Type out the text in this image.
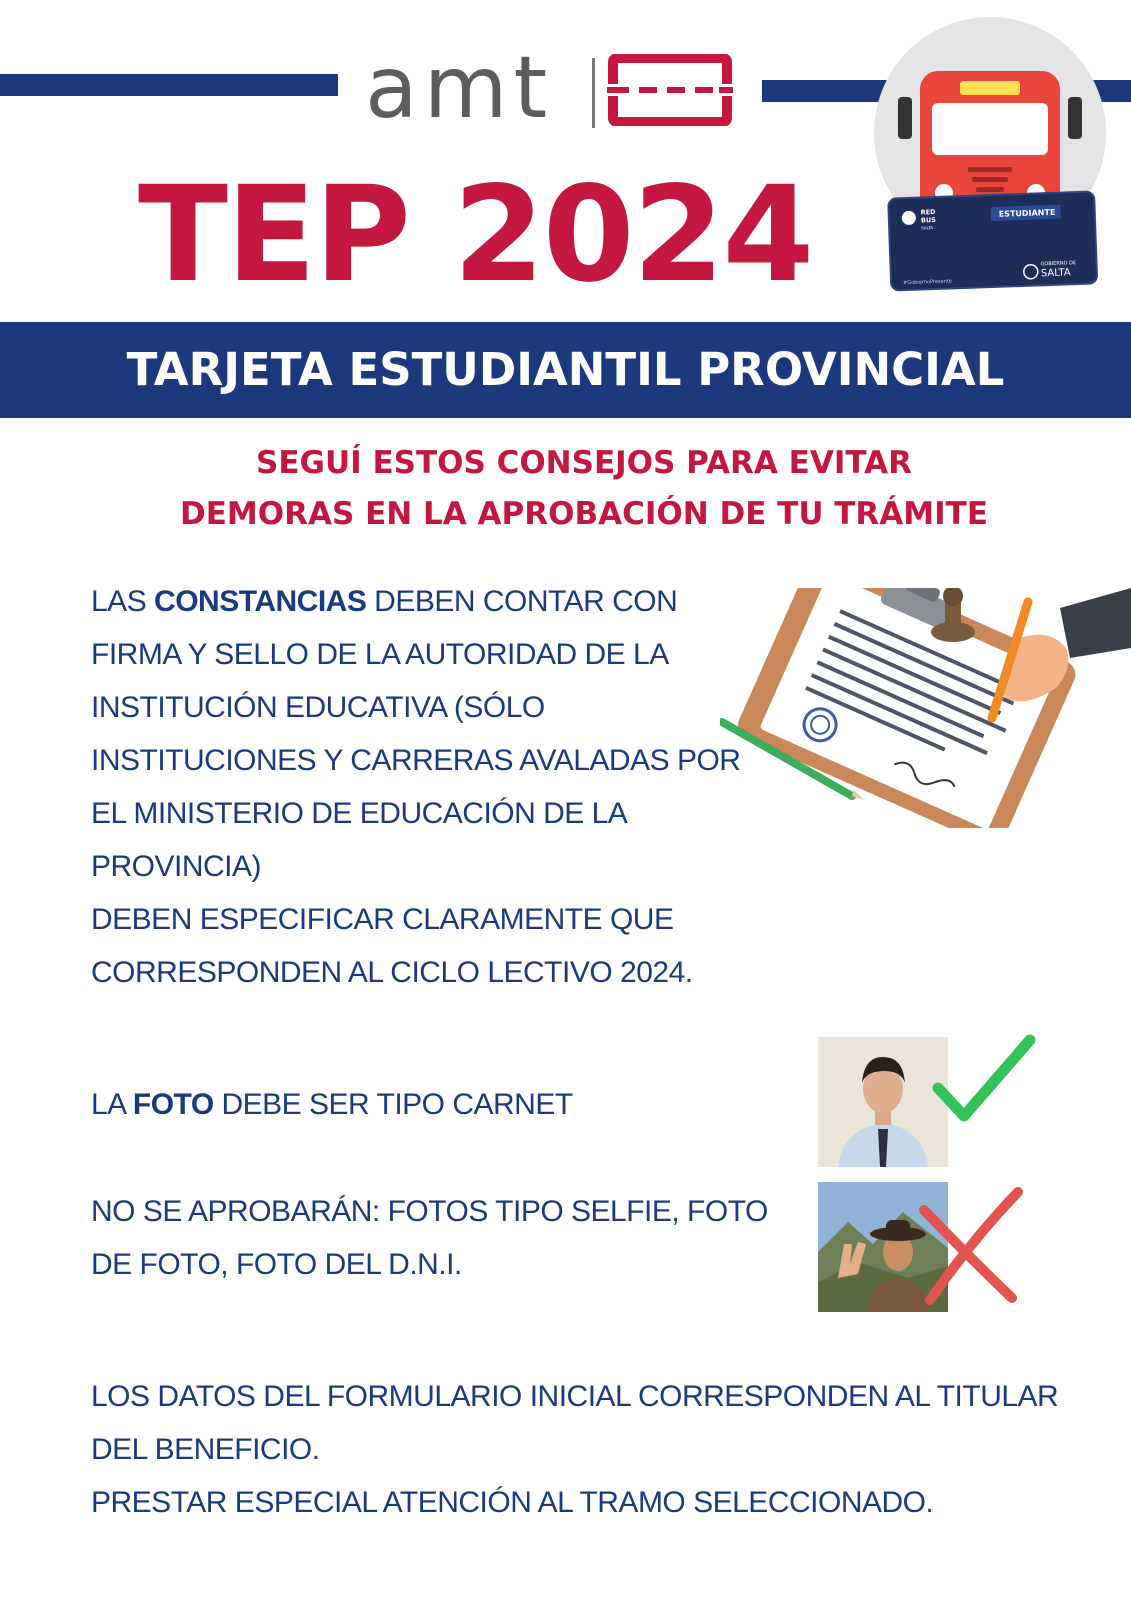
amt
TEP 2024	RED
BUS
SALTA
ESTUDIANTE
GOBIERNO DE
SALTA
#GobiernoPresente
TARJETA ESTUDIANTIL PROVINCIAL
SEGUÍ ESTOS CONSEJOS PARA EVITAR
DEMORAS EN LA APROBACIÓN DE TU TRÁMITE
LAS CONSTANCIAS DEBEN CONTAR CON FIRMA Y SELLO DE LA AUTORIDAD DE LA INSTITUCIÓN EDUCATIVA (SÓLO INSTITUCIONES Y CARRERAS AVALADAS POR EL MINISTERIO DE EDUCACIÓN DE LA PROVINCIA)
DEBEN ESPECIFICAR CLARAMENTE QUE CORRESPONDEN AL CICLO LECTIVO 2024.
LA FOTO DEBE SER TIPO CARNET
NO SE APROBARÁN: FOTOS TIPO SELFIE, FOTO DE FOTO, FOTO DEL D.N.I.
LOS DATOS DEL FORMULARIO INICIAL CORRESPONDEN AL TITULAR DEL BENEFICIO.
PRESTAR ESPECIAL ATENCIÓN AL TRAMO SELECCIONADO.
